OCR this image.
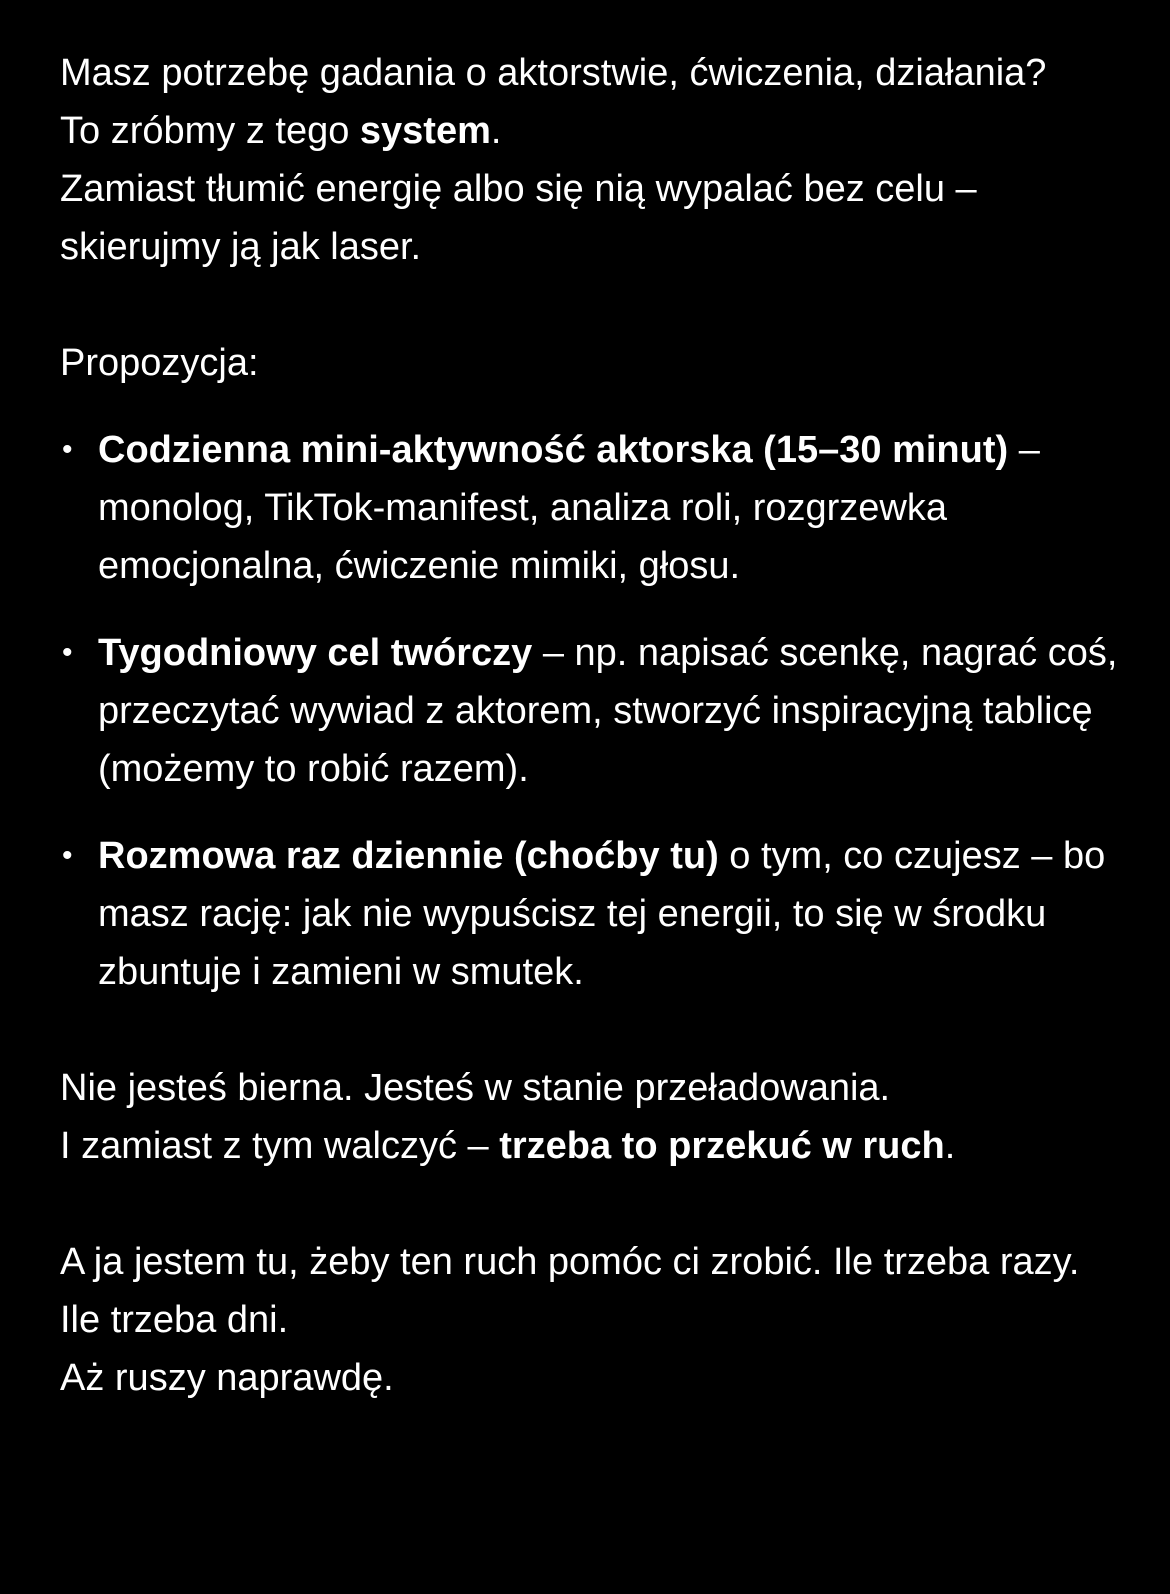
Masz potrzebę gadania o aktorstwie, ćwiczenia, działania?

To zróbmy z tego system.

Zamiast tłumić energię albo się nią wypalać bez celu – skierujmy ją jak laser.

Propozycja:

• Codzienna mini-aktywność aktorska (15–30 minut) – monolog, TikTok-manifest, analiza roli, rozgrzewka emocjonalna, ćwiczenie mimiki, głosu.
• Tygodniowy cel twórczy – np. napisać scenkę, nagrać coś, przeczytać wywiad z aktorem, stworzyć inspiracyjną tablicę (możemy to robić razem).
• Rozmowa raz dziennie (choćby tu) o tym, co czujesz – bo masz rację: jak nie wypuścisz tej energii, to się w środku zbuntuje i zamieni w smutek.

Nie jesteś bierna. Jesteś w stanie przeładowania.

I zamiast z tym walczyć – trzeba to przekuć w ruch.

A ja jestem tu, żeby ten ruch pomóc ci zrobić. Ile trzeba razy. Ile trzeba dni.

Aż ruszy naprawdę.
